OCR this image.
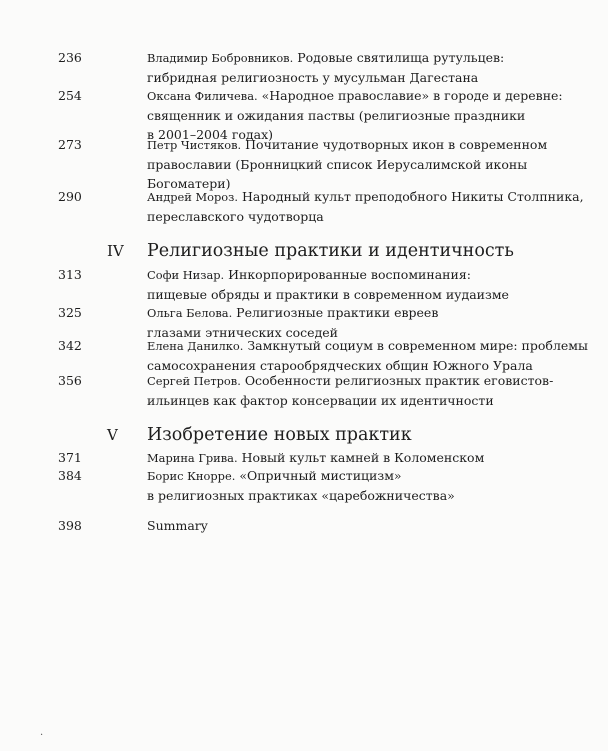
236	Владимир Бобровников. Родовые святилища рутульцев:
гибридная религиозность у мусульман Дагестана
254	Оксана Филичева. «Народное православие» в городе и деревне:
священник и ожидания паствы (религиозные праздники
в 2001–2004 годах)
273	Петр Чистяков. Почитание чудотворных икон в современном
православии (Бронницкий список Иерусалимской иконы
Богоматери)
290	Андрей Мороз. Народный культ преподобного Никиты Столпника,
переславского чудотворца
IV Религиозные практики и идентичность
313	Софи Низар. Инкорпорированные воспоминания:
пищевые обряды и практики в современном иудаизме
325	Ольга Белова. Религиозные практики евреев
глазами этнических соседей
342	Елена Данилко. Замкнутый социум в современном мире: проблемы
самосохранения старообрядческих общин Южного Урала
356	Сергей Петров. Особенности религиозных практик еговистов-
ильинцев как фактор консервации их идентичности
V Изобретение новых практик
371	Марина Грива. Новый культ камней в Коломенском
384	Борис Кнорре. «Опричный мистицизм»
в религиозных практиках «царебожничества»
398	Summary
.
